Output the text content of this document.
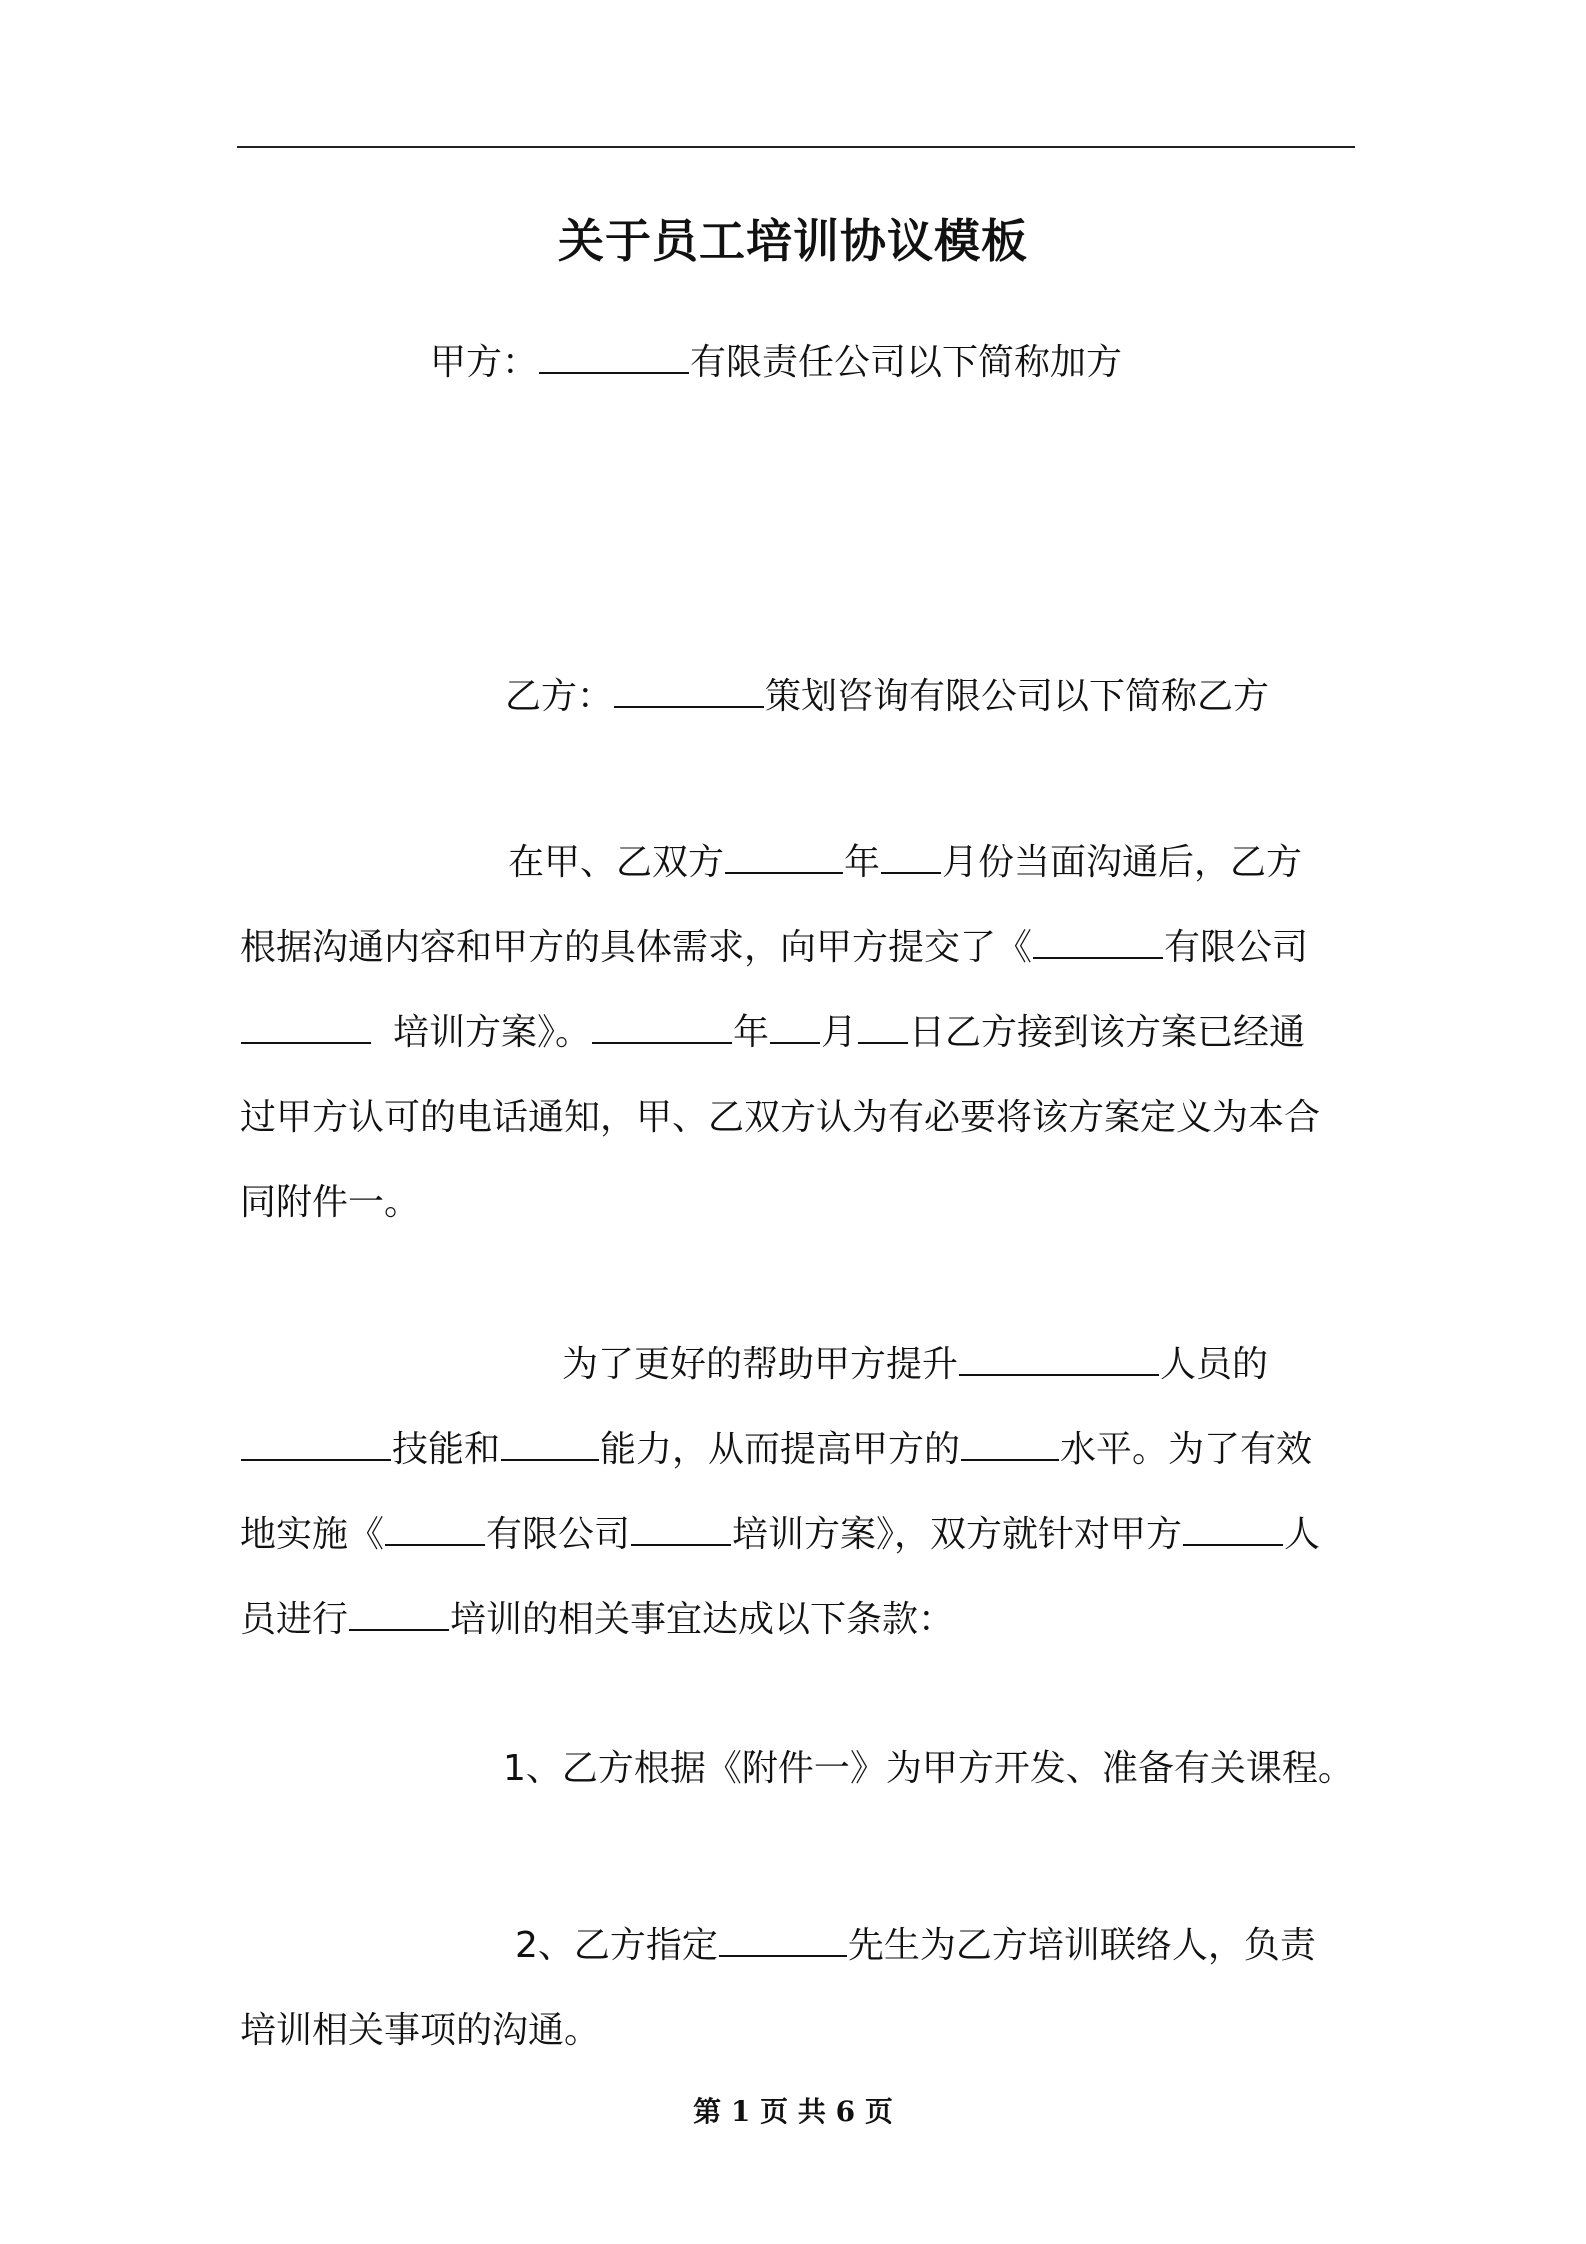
关于员工培训协议模板
甲方：	有限责任公司以下简称加方
乙方：	策划咨询有限公司以下简称乙方
在甲、乙双方	年 月份当面沟通后，乙方
根据沟通内容和甲方的具体需求，向甲方提交了《	有限公司
培训方案》。	年 月 日乙方接到该方案已经通
过甲方认可的电话通知，甲、乙双方认为有必要将该方案定义为本合
同附件一。
为了更好的帮助甲方提升	人员的
技能和	能力，从而提高甲方的	水平。为了有效
地实施《	有限公司	培训方案》，双方就针对甲方	人
员进行	培训的相关事宜达成以下条款：
1、乙方根据《附件一》为甲方开发、准备有关课程。
2、乙方指定	先生为乙方培训联络人，负责
培训相关事项的沟通。
第 1 页 共 6 页
